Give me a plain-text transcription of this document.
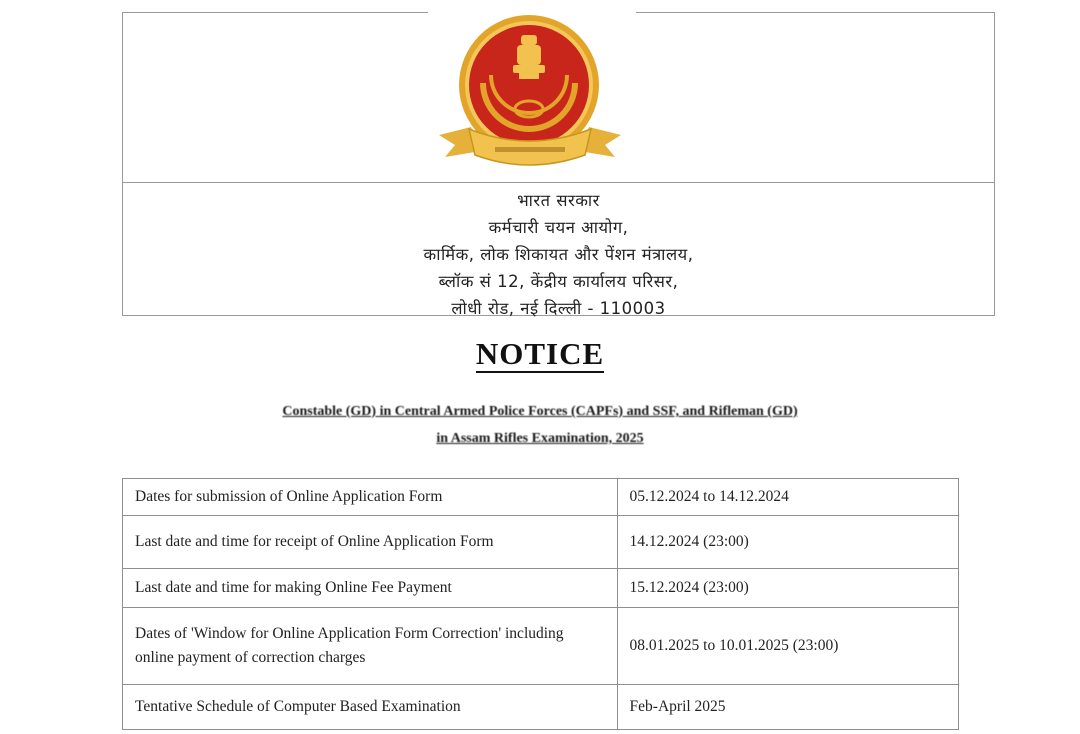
भारत सरकार
कर्मचारी चयन आयोग,
कार्मिक, लोक शिकायत और पेंशन मंत्रालय,
ब्लॉक सं 12, केंद्रीय कार्यालय परिसर,
लोधी रोड, नई दिल्ली - 110003
NOTICE
Constable (GD) in Central Armed Police Forces (CAPFs) and SSF, and Rifleman (GD)
in Assam Rifles Examination, 2025
Dates for submission of Online Application Form	05.12.2024 to 14.12.2024
Last date and time for receipt of Online Application Form	14.12.2024 (23:00)
Last date and time for making Online Fee Payment	15.12.2024 (23:00)
Dates of 'Window for Online Application Form Correction' including online payment of correction charges	08.01.2025 to 10.01.2025 (23:00)
Tentative Schedule of Computer Based Examination	Feb-April 2025
